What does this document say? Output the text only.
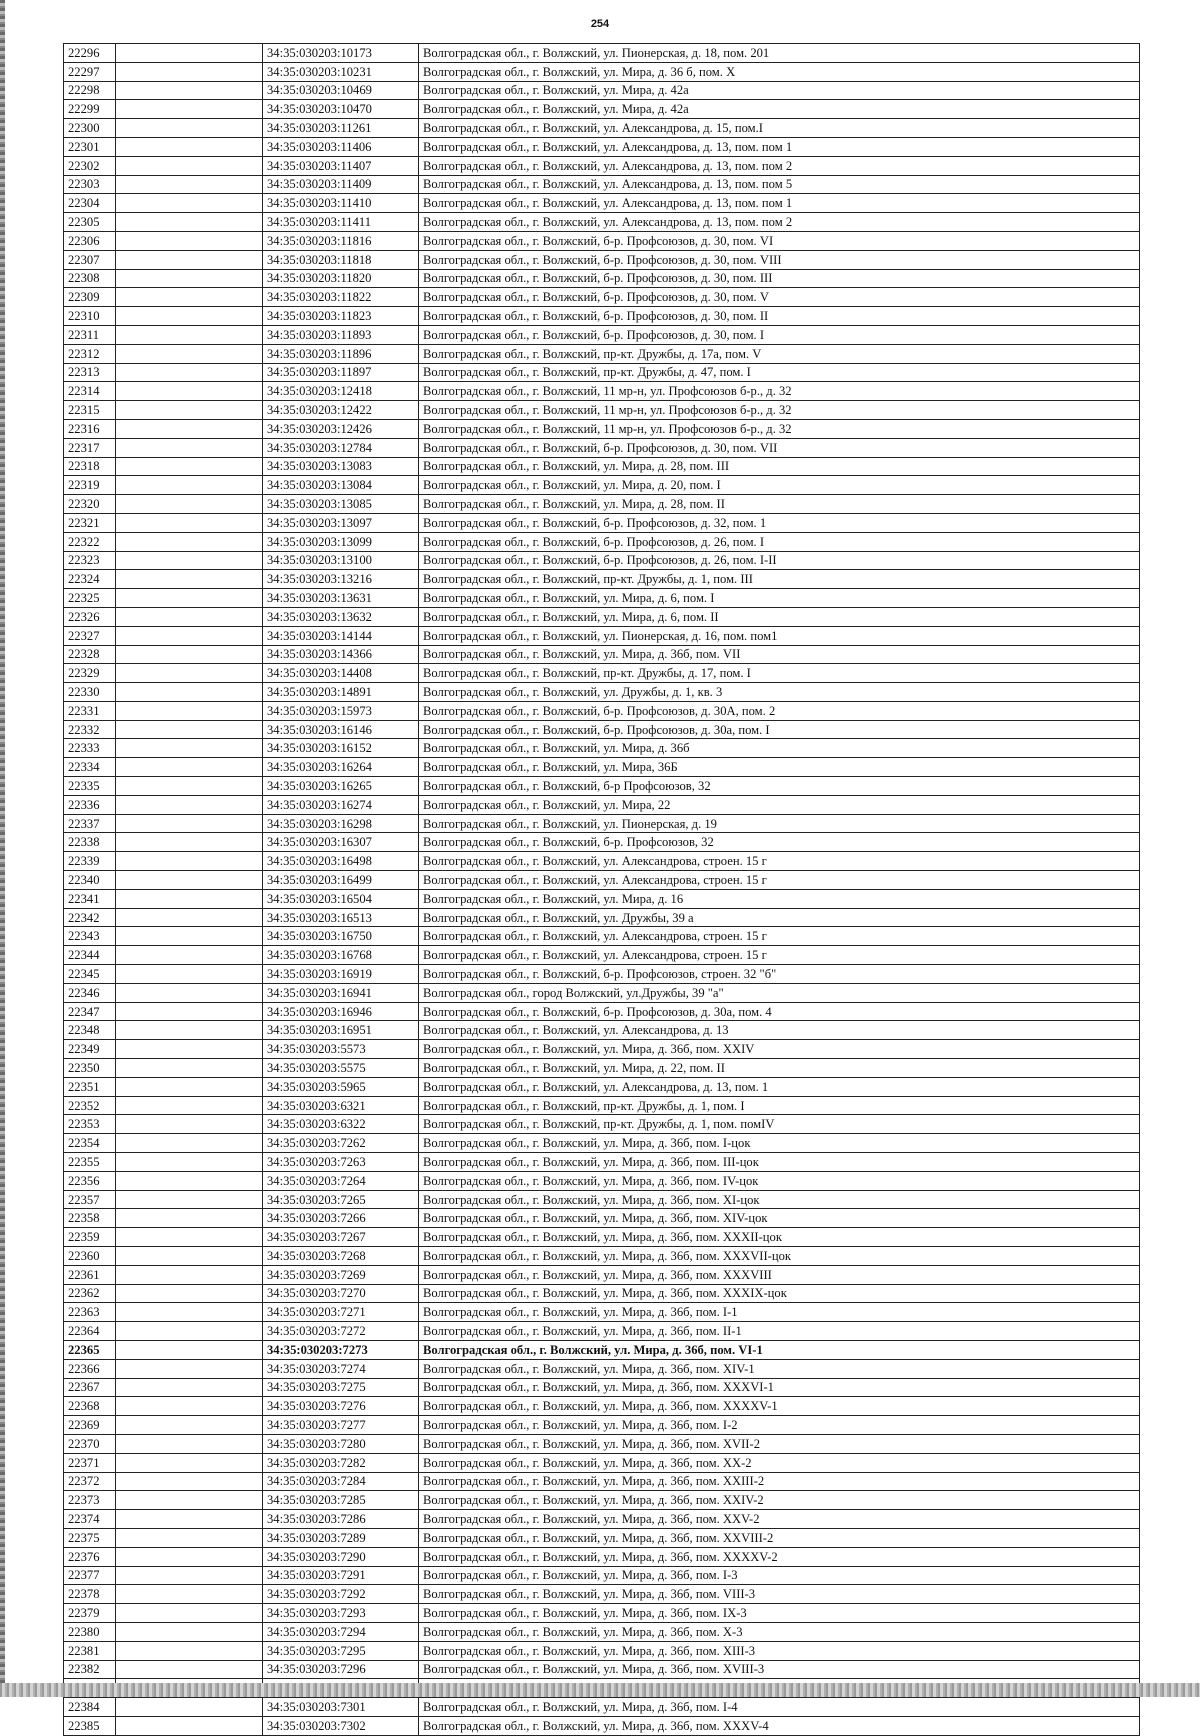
254
22296		34:35:030203:10173	Волгоградская обл., г. Волжский, ул. Пионерская, д. 18, пом. 201
22297		34:35:030203:10231	Волгоградская обл., г. Волжский, ул. Мира, д. 36 б, пом. X
22298		34:35:030203:10469	Волгоградская обл., г. Волжский, ул. Мира, д. 42а
22299		34:35:030203:10470	Волгоградская обл., г. Волжский, ул. Мира, д. 42а
22300		34:35:030203:11261	Волгоградская обл., г. Волжский, ул. Александрова, д. 15, пом.I
22301		34:35:030203:11406	Волгоградская обл., г. Волжский, ул. Александрова, д. 13, пом. пом 1
22302		34:35:030203:11407	Волгоградская обл., г. Волжский, ул. Александрова, д. 13, пом. пом 2
22303		34:35:030203:11409	Волгоградская обл., г. Волжский, ул. Александрова, д. 13, пом. пом 5
22304		34:35:030203:11410	Волгоградская обл., г. Волжский, ул. Александрова, д. 13, пом. пом 1
22305		34:35:030203:11411	Волгоградская обл., г. Волжский, ул. Александрова, д. 13, пом. пом 2
22306		34:35:030203:11816	Волгоградская обл., г. Волжский, б-р. Профсоюзов, д. 30, пом. VI
22307		34:35:030203:11818	Волгоградская обл., г. Волжский, б-р. Профсоюзов, д. 30, пом. VIII
22308		34:35:030203:11820	Волгоградская обл., г. Волжский, б-р. Профсоюзов, д. 30, пом. III
22309		34:35:030203:11822	Волгоградская обл., г. Волжский, б-р. Профсоюзов, д. 30, пом. V
22310		34:35:030203:11823	Волгоградская обл., г. Волжский, б-р. Профсоюзов, д. 30, пом. II
22311		34:35:030203:11893	Волгоградская обл., г. Волжский, б-р. Профсоюзов, д. 30, пом. I
22312		34:35:030203:11896	Волгоградская обл., г. Волжский, пр-кт. Дружбы, д. 17а, пом. V
22313		34:35:030203:11897	Волгоградская обл., г. Волжский, пр-кт. Дружбы, д. 47, пом. I
22314		34:35:030203:12418	Волгоградская обл., г. Волжский, 11 мр-н, ул. Профсоюзов б-р., д. 32
22315		34:35:030203:12422	Волгоградская обл., г. Волжский, 11 мр-н, ул. Профсоюзов б-р., д. 32
22316		34:35:030203:12426	Волгоградская обл., г. Волжский, 11 мр-н, ул. Профсоюзов б-р., д. 32
22317		34:35:030203:12784	Волгоградская обл., г. Волжский, б-р. Профсоюзов, д. 30, пом. VII
22318		34:35:030203:13083	Волгоградская обл., г. Волжский, ул. Мира, д. 28, пом. III
22319		34:35:030203:13084	Волгоградская обл., г. Волжский, ул. Мира, д. 20, пом. I
22320		34:35:030203:13085	Волгоградская обл., г. Волжский, ул. Мира, д. 28, пом. II
22321		34:35:030203:13097	Волгоградская обл., г. Волжский, б-р. Профсоюзов, д. 32, пом. 1
22322		34:35:030203:13099	Волгоградская обл., г. Волжский, б-р. Профсоюзов, д. 26, пом. I
22323		34:35:030203:13100	Волгоградская обл., г. Волжский, б-р. Профсоюзов, д. 26, пом. I-II
22324		34:35:030203:13216	Волгоградская обл., г. Волжский, пр-кт. Дружбы, д. 1, пом. III
22325		34:35:030203:13631	Волгоградская обл., г. Волжский, ул. Мира, д. 6, пом. I
22326		34:35:030203:13632	Волгоградская обл., г. Волжский, ул. Мира, д. 6, пом. II
22327		34:35:030203:14144	Волгоградская обл., г. Волжский, ул. Пионерская, д. 16, пом. пом1
22328		34:35:030203:14366	Волгоградская обл., г. Волжский, ул. Мира, д. 36б, пом. VII
22329		34:35:030203:14408	Волгоградская обл., г. Волжский, пр-кт. Дружбы, д. 17, пом. I
22330		34:35:030203:14891	Волгоградская обл., г. Волжский, ул. Дружбы, д. 1, кв. 3
22331		34:35:030203:15973	Волгоградская обл., г. Волжский, б-р. Профсоюзов, д. 30А, пом. 2
22332		34:35:030203:16146	Волгоградская обл., г. Волжский, б-р. Профсоюзов, д. 30а, пом. I
22333		34:35:030203:16152	Волгоградская обл., г. Волжский, ул. Мира, д. 36б
22334		34:35:030203:16264	Волгоградская обл., г. Волжский, ул. Мира, 36Б
22335		34:35:030203:16265	Волгоградская обл., г. Волжский, б-р Профсоюзов, 32
22336		34:35:030203:16274	Волгоградская обл., г. Волжский, ул. Мира, 22
22337		34:35:030203:16298	Волгоградская обл., г. Волжский, ул. Пионерская, д. 19
22338		34:35:030203:16307	Волгоградская обл., г. Волжский, б-р. Профсоюзов, 32
22339		34:35:030203:16498	Волгоградская обл., г. Волжский, ул. Александрова, строен. 15 г
22340		34:35:030203:16499	Волгоградская обл., г. Волжский, ул. Александрова, строен. 15 г
22341		34:35:030203:16504	Волгоградская обл., г. Волжский, ул. Мира, д. 16
22342		34:35:030203:16513	Волгоградская обл., г. Волжский, ул. Дружбы, 39 а
22343		34:35:030203:16750	Волгоградская обл., г. Волжский, ул. Александрова, строен. 15 г
22344		34:35:030203:16768	Волгоградская обл., г. Волжский, ул. Александрова, строен. 15 г
22345		34:35:030203:16919	Волгоградская обл., г. Волжский, б-р. Профсоюзов, строен. 32 "б"
22346		34:35:030203:16941	Волгоградская обл., город Волжский, ул.Дружбы, 39 "а"
22347		34:35:030203:16946	Волгоградская обл., г. Волжский, б-р. Профсоюзов, д. 30а, пом. 4
22348		34:35:030203:16951	Волгоградская обл., г. Волжский, ул. Александрова, д. 13
22349		34:35:030203:5573	Волгоградская обл., г. Волжский, ул. Мира, д. 36б, пом. XXIV
22350		34:35:030203:5575	Волгоградская обл., г. Волжский, ул. Мира, д. 22, пом. II
22351		34:35:030203:5965	Волгоградская обл., г. Волжский, ул. Александрова, д. 13, пом. 1
22352		34:35:030203:6321	Волгоградская обл., г. Волжский, пр-кт. Дружбы, д. 1, пом. I
22353		34:35:030203:6322	Волгоградская обл., г. Волжский, пр-кт. Дружбы, д. 1, пом. помIV
22354		34:35:030203:7262	Волгоградская обл., г. Волжский, ул. Мира, д. 36б, пом. I-цок
22355		34:35:030203:7263	Волгоградская обл., г. Волжский, ул. Мира, д. 36б, пом. III-цок
22356		34:35:030203:7264	Волгоградская обл., г. Волжский, ул. Мира, д. 36б, пом. IV-цок
22357		34:35:030203:7265	Волгоградская обл., г. Волжский, ул. Мира, д. 36б, пом. XI-цок
22358		34:35:030203:7266	Волгоградская обл., г. Волжский, ул. Мира, д. 36б, пом. XIV-цок
22359		34:35:030203:7267	Волгоградская обл., г. Волжский, ул. Мира, д. 36б, пом. XXXII-цок
22360		34:35:030203:7268	Волгоградская обл., г. Волжский, ул. Мира, д. 36б, пом. XXXVII-цок
22361		34:35:030203:7269	Волгоградская обл., г. Волжский, ул. Мира, д. 36б, пом. XXXVIII
22362		34:35:030203:7270	Волгоградская обл., г. Волжский, ул. Мира, д. 36б, пом. XXXIX-цок
22363		34:35:030203:7271	Волгоградская обл., г. Волжский, ул. Мира, д. 36б, пом. I-1
22364		34:35:030203:7272	Волгоградская обл., г. Волжский, ул. Мира, д. 36б, пом. II-1
22365		34:35:030203:7273	Волгоградская обл., г. Волжский, ул. Мира, д. 36б, пом. VI-1
22366		34:35:030203:7274	Волгоградская обл., г. Волжский, ул. Мира, д. 36б, пом. XIV-1
22367		34:35:030203:7275	Волгоградская обл., г. Волжский, ул. Мира, д. 36б, пом. XXXVI-1
22368		34:35:030203:7276	Волгоградская обл., г. Волжский, ул. Мира, д. 36б, пом. XXXXV-1
22369		34:35:030203:7277	Волгоградская обл., г. Волжский, ул. Мира, д. 36б, пом. I-2
22370		34:35:030203:7280	Волгоградская обл., г. Волжский, ул. Мира, д. 36б, пом. XVII-2
22371		34:35:030203:7282	Волгоградская обл., г. Волжский, ул. Мира, д. 36б, пом. XX-2
22372		34:35:030203:7284	Волгоградская обл., г. Волжский, ул. Мира, д. 36б, пом. XXIII-2
22373		34:35:030203:7285	Волгоградская обл., г. Волжский, ул. Мира, д. 36б, пом. XXIV-2
22374		34:35:030203:7286	Волгоградская обл., г. Волжский, ул. Мира, д. 36б, пом. XXV-2
22375		34:35:030203:7289	Волгоградская обл., г. Волжский, ул. Мира, д. 36б, пом. XXVIII-2
22376		34:35:030203:7290	Волгоградская обл., г. Волжский, ул. Мира, д. 36б, пом. XXXXV-2
22377		34:35:030203:7291	Волгоградская обл., г. Волжский, ул. Мира, д. 36б, пом. I-3
22378		34:35:030203:7292	Волгоградская обл., г. Волжский, ул. Мира, д. 36б, пом. VIII-3
22379		34:35:030203:7293	Волгоградская обл., г. Волжский, ул. Мира, д. 36б, пом. IX-3
22380		34:35:030203:7294	Волгоградская обл., г. Волжский, ул. Мира, д. 36б, пом. X-3
22381		34:35:030203:7295	Волгоградская обл., г. Волжский, ул. Мира, д. 36б, пом. XIII-3
22382		34:35:030203:7296	Волгоградская обл., г. Волжский, ул. Мира, д. 36б, пом. XVIII-3

22384		34:35:030203:7301	Волгоградская обл., г. Волжский, ул. Мира, д. 36б, пом. I-4
22385		34:35:030203:7302	Волгоградская обл., г. Волжский, ул. Мира, д. 36б, пом. XXXV-4
